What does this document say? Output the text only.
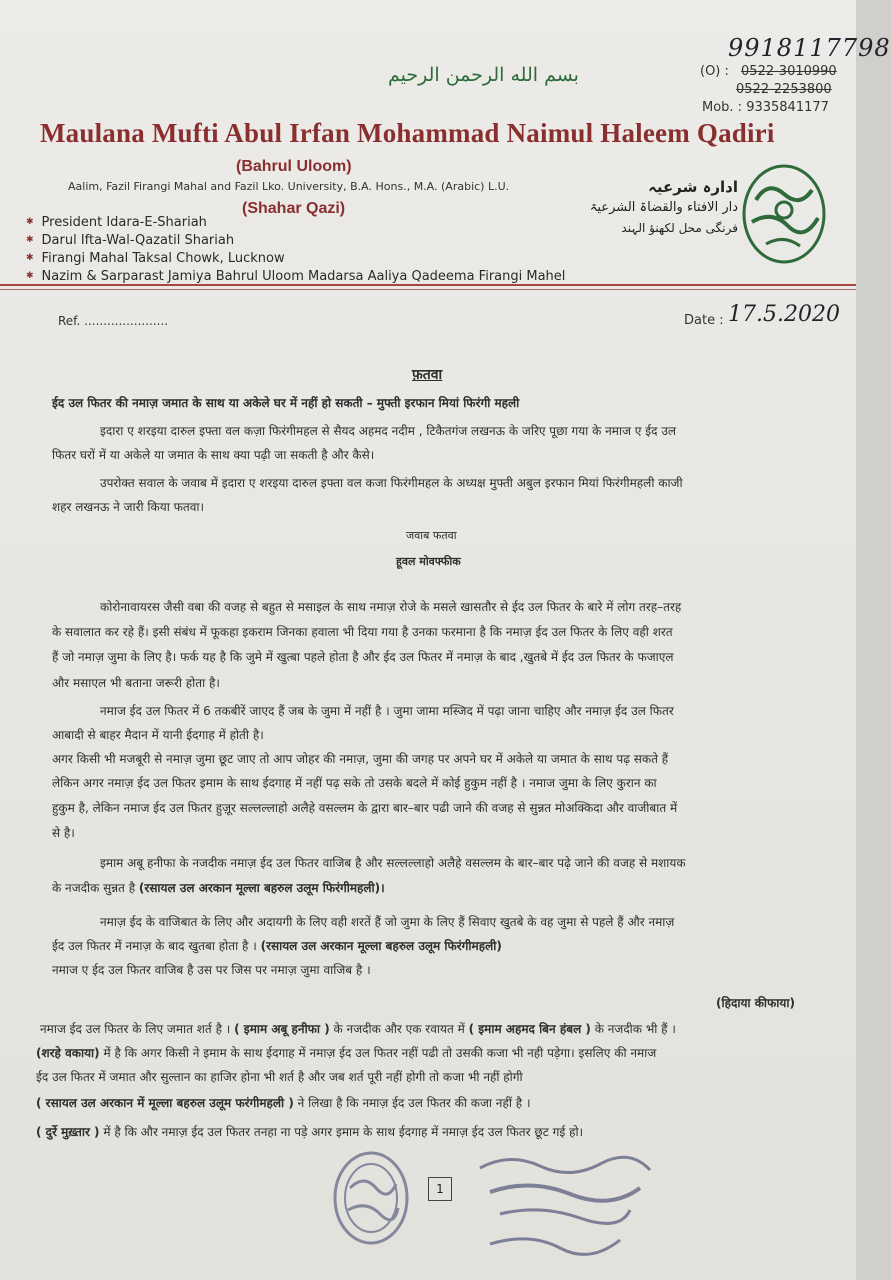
بسم الله الرحمن الرحيم
9918117798
(O) : 0522-3010990
0522-2253800
Mob. : 9335841177
Maulana Mufti Abul Irfan Mohammad Naimul Haleem Qadiri
(Bahrul Uloom)
Aalim, Fazil Firangi Mahal and Fazil Lko. University, B.A. Hons., M.A. (Arabic) L.U.
(Shahar Qazi)
✱ President Idara-E-Shariah
✱ Darul Ifta-Wal-Qazatil Shariah
✱ Firangi Mahal Taksal Chowk, Lucknow
✱ Nazim & Sarparast Jamiya Bahrul Uloom Madarsa Aaliya Qadeema Firangi Mahel
ادارہ شرعیہ
دار الافتاء والقضاۃ الشرعیۃ
فرنگی محل لکھنؤ الہند
Ref. ......................	Date : 17.5.2020
फ़तवा
ईद उल फितर की नमाज़ जमात के साथ या अकेले घर में नहीं हो सकती – मुफ्ती इरफान मियां फिरंगी महली
इदारा ए शरइया दारुल इफ्ता वल कज़ा फिरंगीमहल से सैयद अहमद नदीम , टिकैतगंज लखनऊ के जरिए पूछा गया के नमाज ए ईद उल
फितर घरों में या अकेले या जमात के साथ क्या पढ़ी जा सकती है और कैसे।
उपरोक्त सवाल के जवाब में इदारा ए शरइया दारुल इफ्ता वल कजा फिरंगीमहल के अध्यक्ष मुफ्ती अबुल इरफान मियां फिरंगीमहली काजी
शहर लखनऊ ने जारी किया फतवा।
जवाब फतवा
हूवल मोवफ्फीक
कोरोनावायरस जैसी वबा की वजह से बहुत से मसाइल के साथ नमाज़ रोजे के मसले खासतौर से ईद उल फितर के बारे में लोग तरह–तरह
के सवालात कर रहे हैं। इसी संबंध में फूकहा इकराम जिनका हवाला भी दिया गया है उनका फरमाना है कि नमाज़ ईद उल फितर के लिए वही शरत
हैं जो नमाज़ जुमा के लिए है। फर्क यह है कि जुमे में खुत्बा पहले होता है और ईद उल फितर में नमाज़ के बाद ,खुतबे में ईद उल फितर के फजाएल
और मसाएल भी बताना जरूरी होता है।
नमाज ईद उल फितर में 6 तकबीरें जाएद हैं जब के जुमा में नहीं है । जुमा जामा मस्जिद में पढ़ा जाना चाहिए और नमाज़ ईद उल फितर
आबादी से बाहर मैदान में यानी ईदगाह में होती है।
अगर किसी भी मजबूरी से नमाज़ जुमा छूट जाए तो आप जोहर की नमाज़, जुमा की जगह पर अपने घर में अकेले या जमात के साथ पढ़ सकते हैं
लेकिन अगर नमाज़ ईद उल फितर इमाम के साथ ईदगाह में नहीं पढ़ सके तो उसके बदले में कोई हुकुम नहीं है । नमाज जुमा के लिए कुरान का
हुकुम है, लेकिन नमाज ईद उल फितर हुज़ूर सल्लल्लाहो अलैहे वसल्लम के द्वारा बार–बार पढी जाने की वजह से सुन्नत मोअक्किदा और वाजीबात में
से है।
इमाम अबू हनीफा के नजदीक नमाज़ ईद उल फितर वाजिब है और सल्लल्लाहो अलैहे वसल्लम के बार–बार पढ़े जाने की वजह से मशायक
के नजदीक सुन्नत है (रसायल उल अरकान मूल्ला बहरुल उलूम फिरंगीमहली)।
नमाज़ ईद के वाजिबात के लिए और अदायगी के लिए वही शरतें हैं जो जुमा के लिए हैं सिवाए खुतबे के वह जुमा से पहले हैं और नमाज़
ईद उल फितर में नमाज़ के बाद खुतबा होता है । (रसायल उल अरकान मूल्ला बहरुल उलूम फिरंगीमहली)
नमाज ए ईद उल फितर वाजिब है उस पर जिस पर नमाज़ जुमा वाजिब है ।
(हिदाया कीफाया)
नमाज ईद उल फितर के लिए जमात शर्त है । ( इमाम अबू हनीफा ) के नजदीक और एक रवायत में ( इमाम अहमद बिन हंबल ) के नजदीक भी हैं ।
(शरहे वकाया) में है कि अगर किसी ने इमाम के साथ ईदगाह में नमाज़ ईद उल फितर नहीं पढी तो उसकी कजा भी नही पड़ेगा। इसलिए की नमाज
ईद उल फितर में जमात और सुल्तान का हाजिर होना भी शर्त है और जब शर्त पूरी नहीं होगी तो कजा भी नहीं होगी
( रसायल उल अरकान में मूल्ला बहरुल उलूम फरंगीमहली ) ने लिखा है कि नमाज़ ईद उल फितर की कजा नहीं है ।
( दुर्रे मुख़्तार ) में है कि और नमाज़ ईद उल फितर तनहा ना पड़े अगर इमाम के साथ ईदगाह में नमाज़ ईद उल फितर छूट गई हो।
1
